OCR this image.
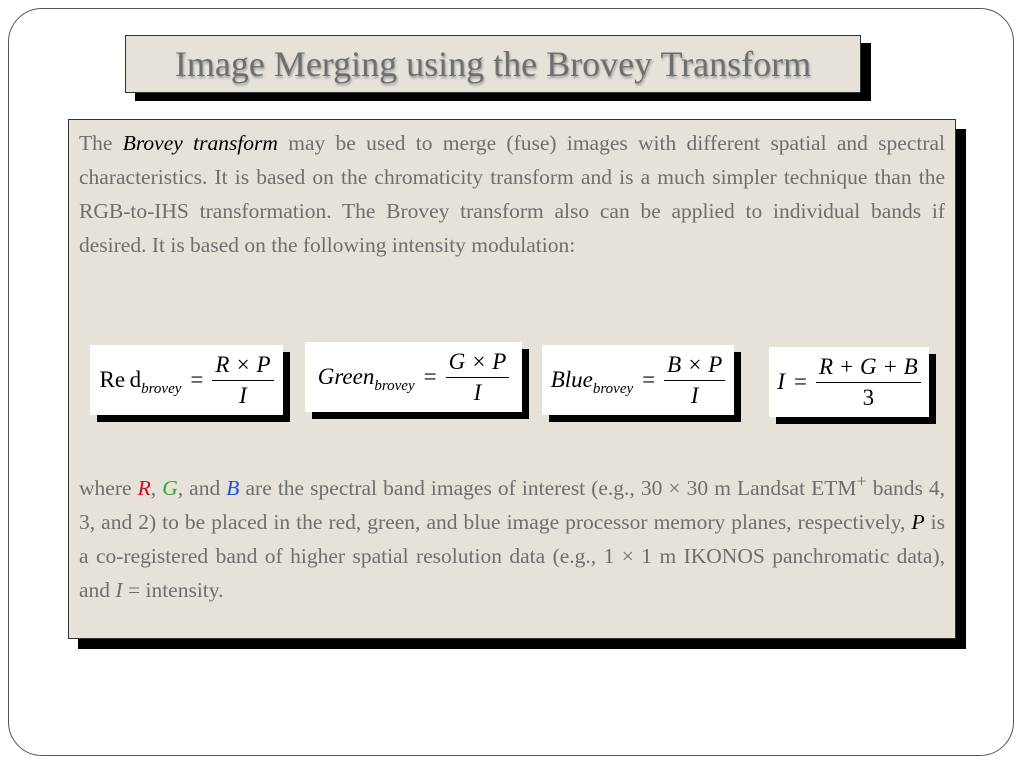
Image Merging using the Brovey Transform

The Brovey transform may be used to merge (fuse) images with different spatial and spectral characteristics. It is based on the chromaticity transform and is a much simpler technique than the RGB-to-IHS transformation. The Brovey transform also can be applied to individual bands if desired. It is based on the following intensity modulation:

Re d brovey = $\frac{R \times P}{I}$ Green brovey = $\frac{G \times P}{I}$ Blue brovey = $\frac{B \times P}{I}$ $I = \frac{R + G + B}{3}$

where R, G, and B are the spectral band images of interest (e.g., 30 × 30 m Landsat ETM+ bands 4, 3, and 2) to be placed in the red, green, and blue image processor memory planes, respectively, P is a co-registered band of higher spatial resolution data (e.g., 1 × 1 m IKONOS panchromatic data), and I = intensity.
